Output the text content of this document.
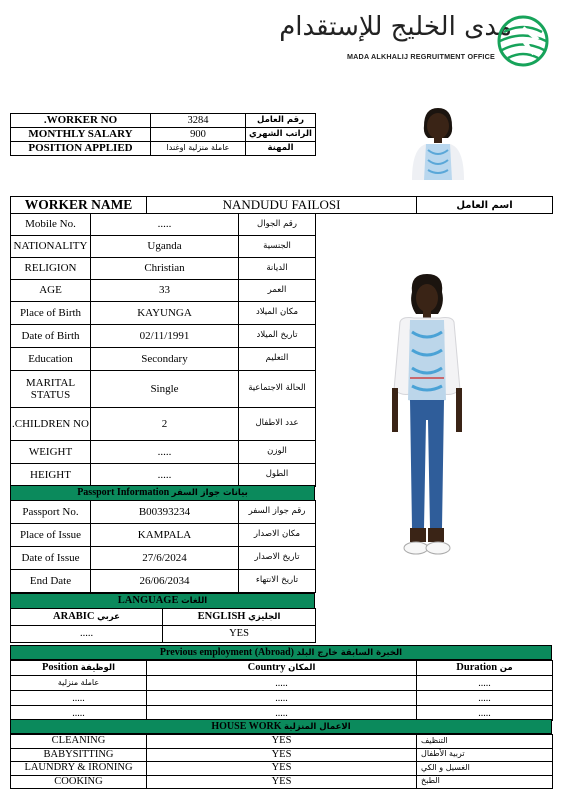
مدى الخليج للإستقدام
MADA ALKHALIJ REGRUITMENT OFFICE
.WORKER NO	3284	رقم العامل
MONTHLY SALARY	900	الراتب الشهري
POSITION APPLIED	عاملة منزلية اوغندا	المهنة
WORKER NAME	NANDUDU FAILOSI	اسم العامل
Mobile No.	.....	رقم الجوال
NATIONALITY	Uganda	الجنسية
RELIGION	Christian	الديانة
AGE	33	العمر
Place of Birth	KAYUNGA	مكان الميلاد
Date of Birth	02/11/1991	تاريخ الميلاد
Education	Secondary	التعليم
MARITAL STATUS	Single	الحالة الاجتماعية
.CHILDREN NO	2	عدد الاطفال
WEIGHT	.....	الوزن
HEIGHT	.....	الطول
Passport Information بيانات جواز السفر
Passport No.	B00393234	رقم جواز السفر
Place of Issue	KAMPALA	مكان الاصدار
Date of Issue	27/6/2024	تاريخ الاصدار
End Date	26/06/2034	تاريخ الانتهاء
LANGUAGE اللغات
ARABIC عربي	ENGLISH الجليزي
.....	YES
Previous employment (Abroad) الخبرة السابقة خارج البلد
Position الوظيفة	Country المكان	Duration من
عاملة منزلية	.....	.....
.....	.....	.....
.....	.....	.....
HOUSE WORK الاعمال المنزلية
CLEANING	YES	التنظيف
BABYSITTING	YES	تربية الأطفال
LAUNDRY & IRONING	YES	الغسيل و الكي
COOKING	YES	الطبخ
